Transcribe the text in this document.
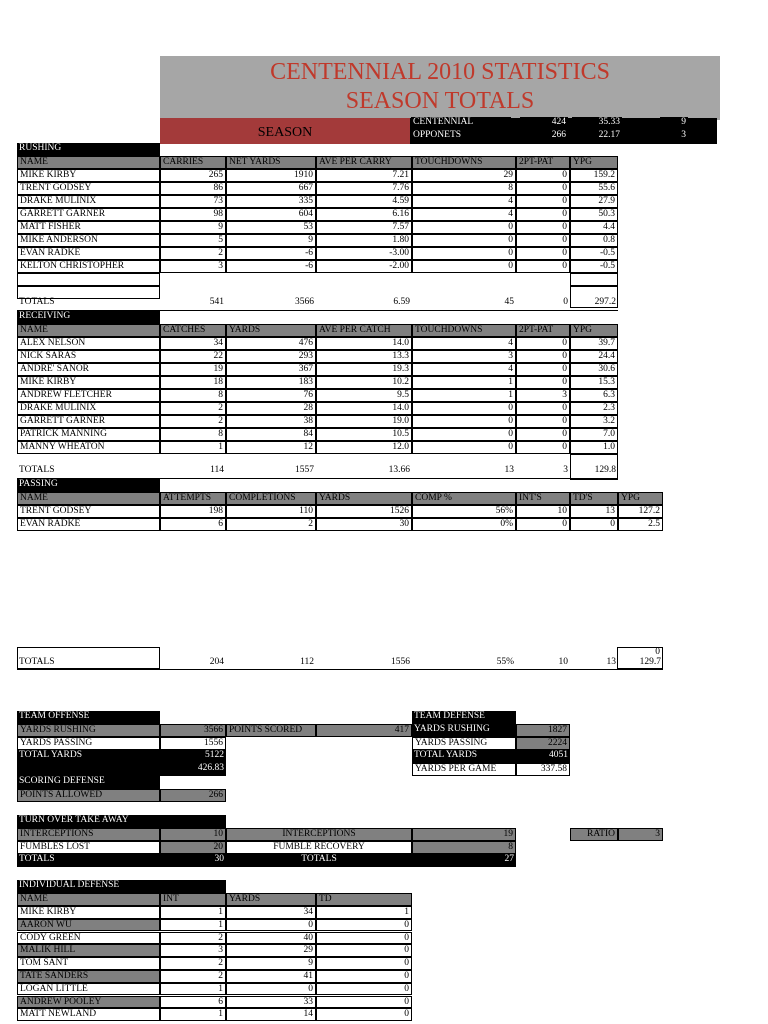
CENTENNIAL 2010 STATISTICS
SEASON TOTALS
SEASON
CENTENNIAL	424	35.33	9
OPPONETS	266	22.17	3
RUSHING
NAME	CARRIES	NET YARDS	AVE PER CARRY	TOUCHDOWNS	2PT-PAT	YPG
MIKE KIRBY	265	1910	7.21	29	0	159.2
TRENT GODSEY	86	667	7.76	8	0	55.6
DRAKE MULINIX	73	335	4.59	4	0	27.9
GARRETT GARNER	98	604	6.16	4	0	50.3
MATT FISHER	9	53	7.57	0	0	4.4
MIKE ANDERSON	5	9	1.80	0	0	0.8
EVAN RADKE	2	-6	-3.00	0	0	-0.5
KELTON CHRISTOPHER	3	-6	-2.00	0	0	-0.5
TOTALS	541	3566	6.59	45	0	297.2
RECEIVING
NAME	CATCHES	YARDS	AVE PER CATCH	TOUCHDOWNS	2PT-PAT	YPG
ALEX NELSON	34	476	14.0	4	0	39.7
NICK SARAS	22	293	13.3	3	0	24.4
ANDRE' SANOR	19	367	19.3	4	0	30.6
MIKE KIRBY	18	183	10.2	1	0	15.3
ANDREW FLETCHER	8	76	9.5	1	3	6.3
DRAKE MULINIX	2	28	14.0	0	0	2.3
GARRETT GARNER	2	38	19.0	0	0	3.2
PATRICK MANNING	8	84	10.5	0	0	7.0
MANNY WHEATON	1	12	12.0	0	0	1.0
TOTALS	114	1557	13.66	13	3	129.8
PASSING
NAME	ATTEMPTS	COMPLETIONS	YARDS	COMP %	INT'S	TD'S	YPG
TRENT GODSEY	198	110	1526	56%	10	13	127.2
EVAN RADKE	6	2	30	0%	0	0	2.5
0
TOTALS	204	112	1556	55%	10	13	129.7
TEAM OFFENSE
YARDS RUSHING	3566 POINTS SCORED	417
YARDS PASSING	1556
TOTAL YARDS	5122
426.83
TEAM DEFENSE
YARDS RUSHING	1827
YARDS PASSING	2224
TOTAL YARDS	4051
YARDS PER GAME	337.58
SCORING DEFENSE
POINTS ALLOWED	266
TURN OVER TAKE AWAY
INTERCEPTIONS	10	INTERCEPTIONS	19	RATIO	3
FUMBLES LOST	20	FUMBLE RECOVERY	8
TOTALS	30	TOTALS	27
INDIVIDUAL DEFENSE
NAME	INT	YARDS	TD
MIKE KIRBY	1	34	1
AARON WU	1	0	0
CODY GREEN	2	40	0
MALIK HILL	3	29	0
TOM SANT	2	9	0
TATE SANDERS	2	41	0
LOGAN LITTLE	1	0	0
ANDREW POOLEY	6	33	0
MATT NEWLAND	1	14	0
